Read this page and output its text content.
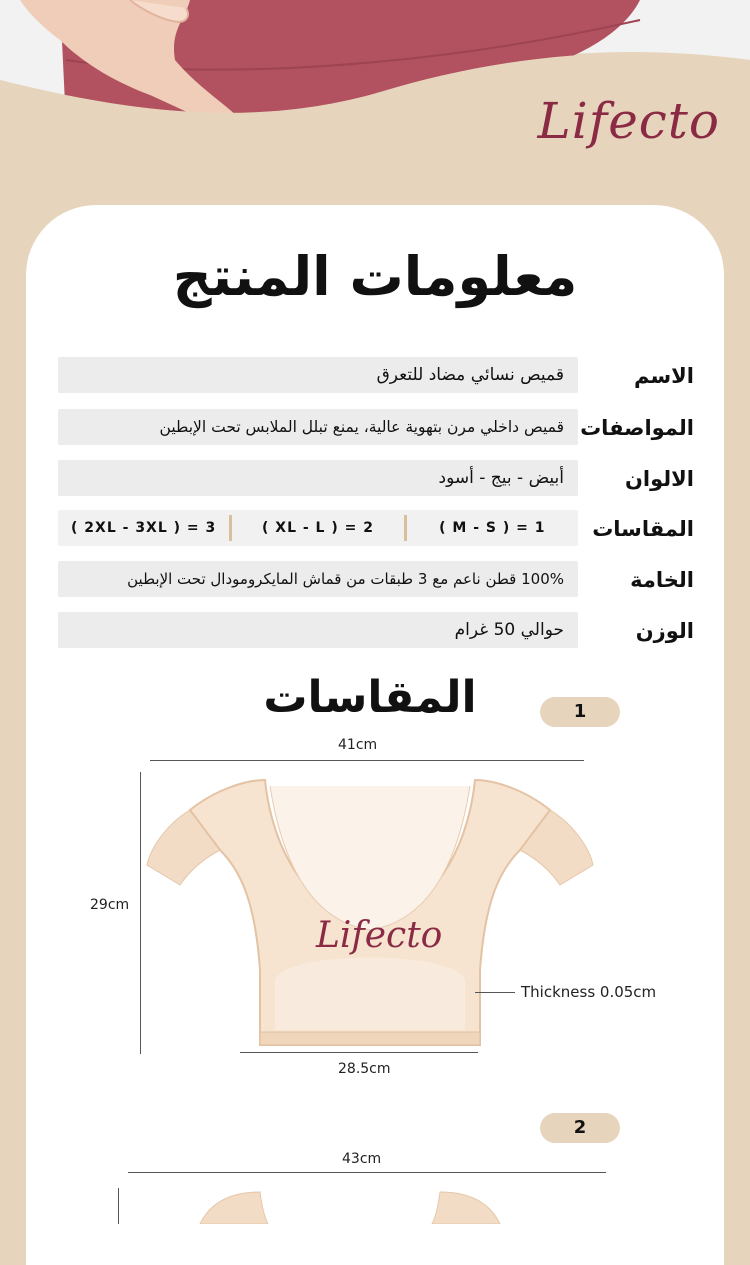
Lifecto
معلومات المنتج
الاسم
قميص نسائي مضاد للتعرق
المواصفات
قميص داخلي مرن بتهوية عالية، يمنع تبلل الملابس تحت الإبطين
الالوان
أبيض - بيج - أسود
المقاسات
( 2XL - 3XL ) = 3	( XL - L ) = 2	( M - S ) = 1
الخامة
100% قطن ناعم مع 3 طبقات من قماش المايكرومودال تحت الإبطين
الوزن
حوالي 50 غرام
المقاسات	1
41cm
29cm
Lifecto
Thickness 0.05cm
28.5cm
2
43cm
